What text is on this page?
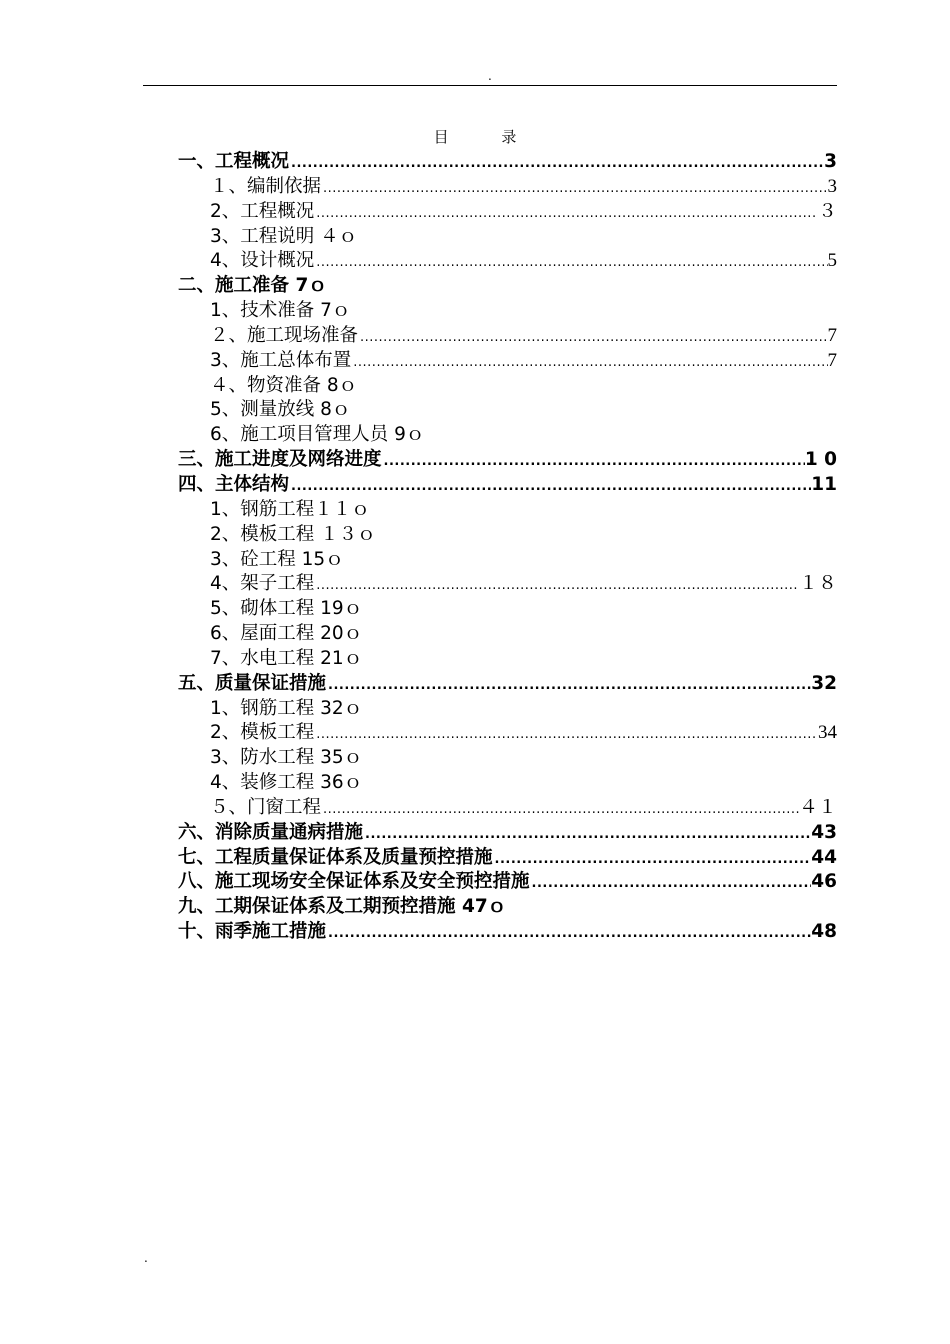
.
目 录
一、工程概况 .....	3
１、编制依据 .....	3
2、工程概况 .....	３
3、工程说明 ４ｏ
4、设计概况 .....	5
二、施工准备 7ｏ
1、技术准备 7ｏ
２、施工现场准备 .....	7
3、施工总体布置 .....	7
４、物资准备 8ｏ
5、测量放线 8ｏ
6、施工项目管理人员 9ｏ
三、施工进度及网络进度 .....	1 0
四、主体结构 .....	11
1、钢筋工程１１ｏ
2、模板工程 １３ｏ
3、砼工程 15ｏ
4、架子工程 .....	１８
5、砌体工程 19ｏ
6、屋面工程 20ｏ
7、水电工程 21ｏ
五、质量保证措施 .....	32
1、钢筋工程 32ｏ
2、模板工程 .....	34
3、防水工程 35ｏ
4、装修工程 36ｏ
５、门窗工程 .....	４１
六、消除质量通病措施 .....	43
七、工程质量保证体系及质量预控措施 .....	44
八、施工现场安全保证体系及安全预控措施 .....	46
九、工期保证体系及工期预控措施 47ｏ
十、雨季施工措施 .....	48
.
